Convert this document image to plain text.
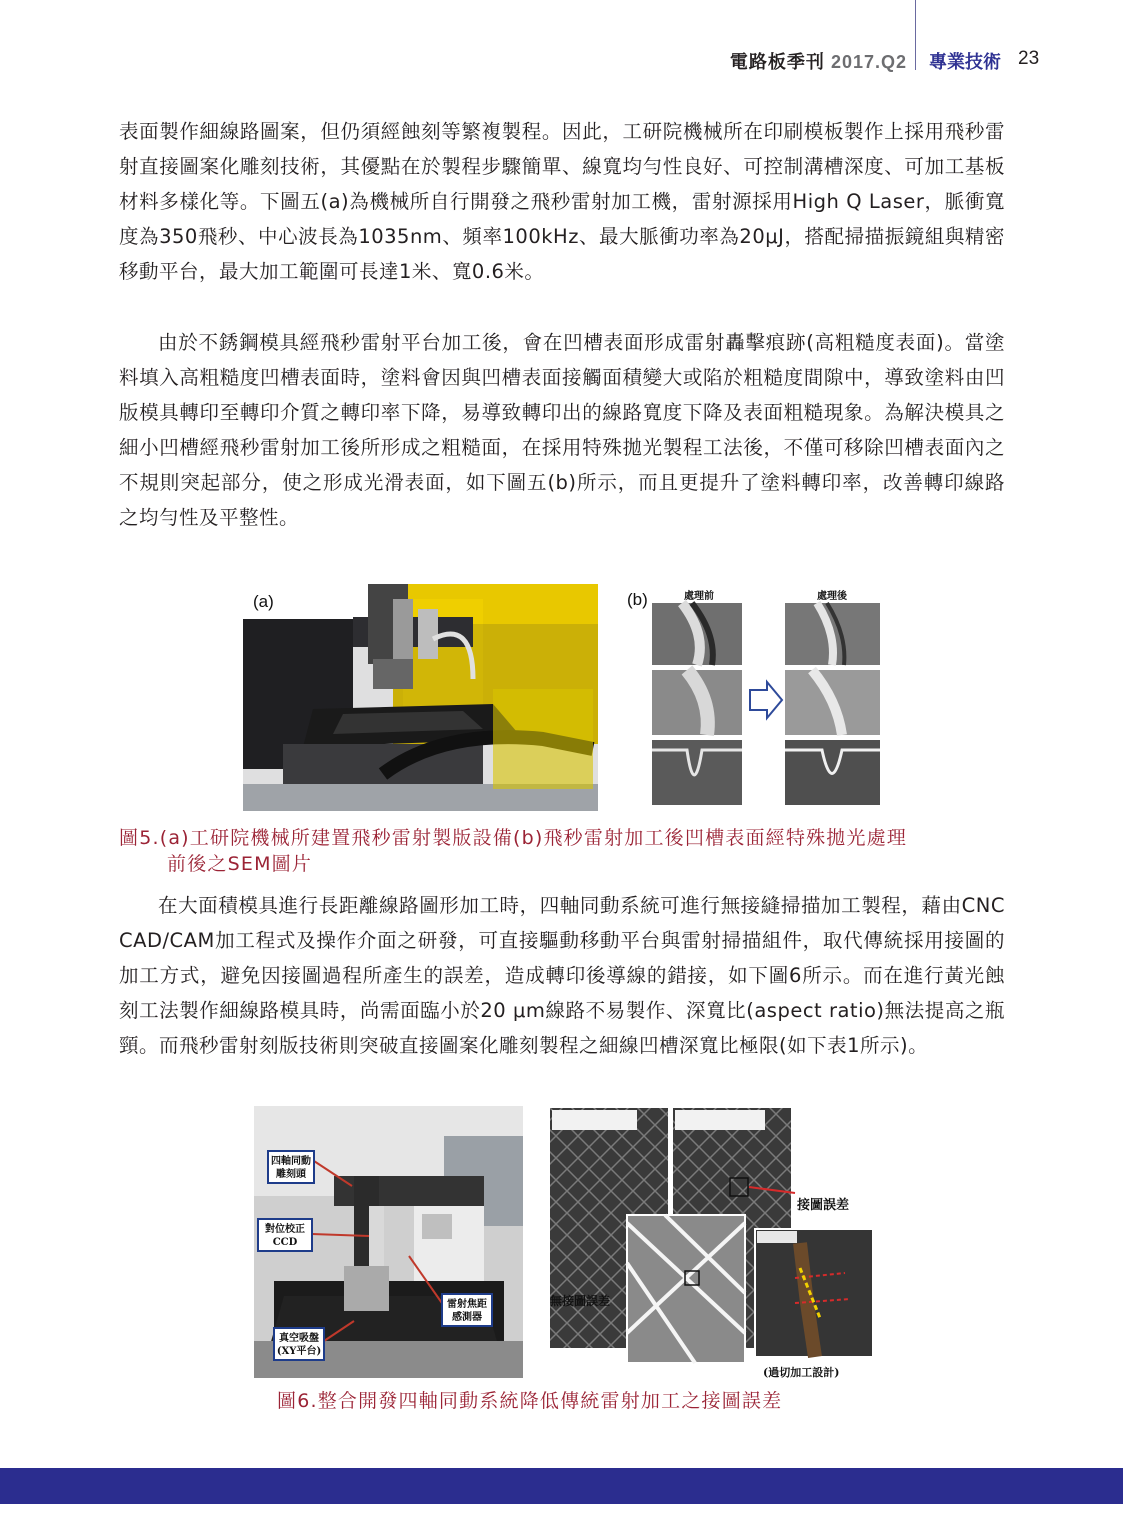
電路板季刊 2017.Q2 專業技術 23

表面製作細線路圖案，但仍須經蝕刻等繁複製程。因此，工研院機械所在印刷模板製作上採用飛秒雷射直接圖案化雕刻技術，其優點在於製程步驟簡單、線寬均勻性良好、可控制溝槽深度、可加工基板材料多樣化等。下圖五(a)為機械所自行開發之飛秒雷射加工機，雷射源採用High Q Laser，脈衝寬度為350飛秒、中心波長為1035nm、頻率100kHz、最大脈衝功率為20μJ，搭配掃描振鏡組與精密移動平台，最大加工範圍可長達1米、寬0.6米。

由於不銹鋼模具經飛秒雷射平台加工後，會在凹槽表面形成雷射轟擊痕跡(高粗糙度表面)。當塗料填入高粗糙度凹槽表面時，塗料會因與凹槽表面接觸面積變大或陷於粗糙度間隙中，導致塗料由凹版模具轉印至轉印介質之轉印率下降，易導致轉印出的線路寬度下降及表面粗糙現象。為解決模具之細小凹槽經飛秒雷射加工後所形成之粗糙面，在採用特殊拋光製程工法後，不僅可移除凹槽表面內之不規則突起部分，使之形成光滑表面，如下圖五(b)所示，而且更提升了塗料轉印率，改善轉印線路之均勻性及平整性。

(a)	(b)	處理前	處理後
圖5.(a)工研院機械所建置飛秒雷射製版設備(b)飛秒雷射加工後凹槽表面經特殊拋光處理
前後之SEM圖片

在大面積模具進行長距離線路圖形加工時，四軸同動系統可進行無接縫掃描加工製程，藉由CNC CAD/CAM加工程式及操作介面之研發，可直接驅動移動平台與雷射掃描組件，取代傳統採用接圖的加工方式，避免因接圖過程所產生的誤差，造成轉印後導線的錯接，如下圖6所示。而在進行黃光蝕刻工法製作細線路模具時，尚需面臨小於20 μm線路不易製作、深寬比(aspect ratio)無法提高之瓶頸。而飛秒雷射刻版技術則突破直接圖案化雕刻製程之細線凹槽深寬比極限(如下表1所示)。

四軸同動
雕刻頭
對位校正
CCD
雷射焦距
感測器
真空吸盤
(XY平台)
接圖誤差
無接圖誤差
(過切加工設計)
圖6.整合開發四軸同動系統降低傳統雷射加工之接圖誤差
